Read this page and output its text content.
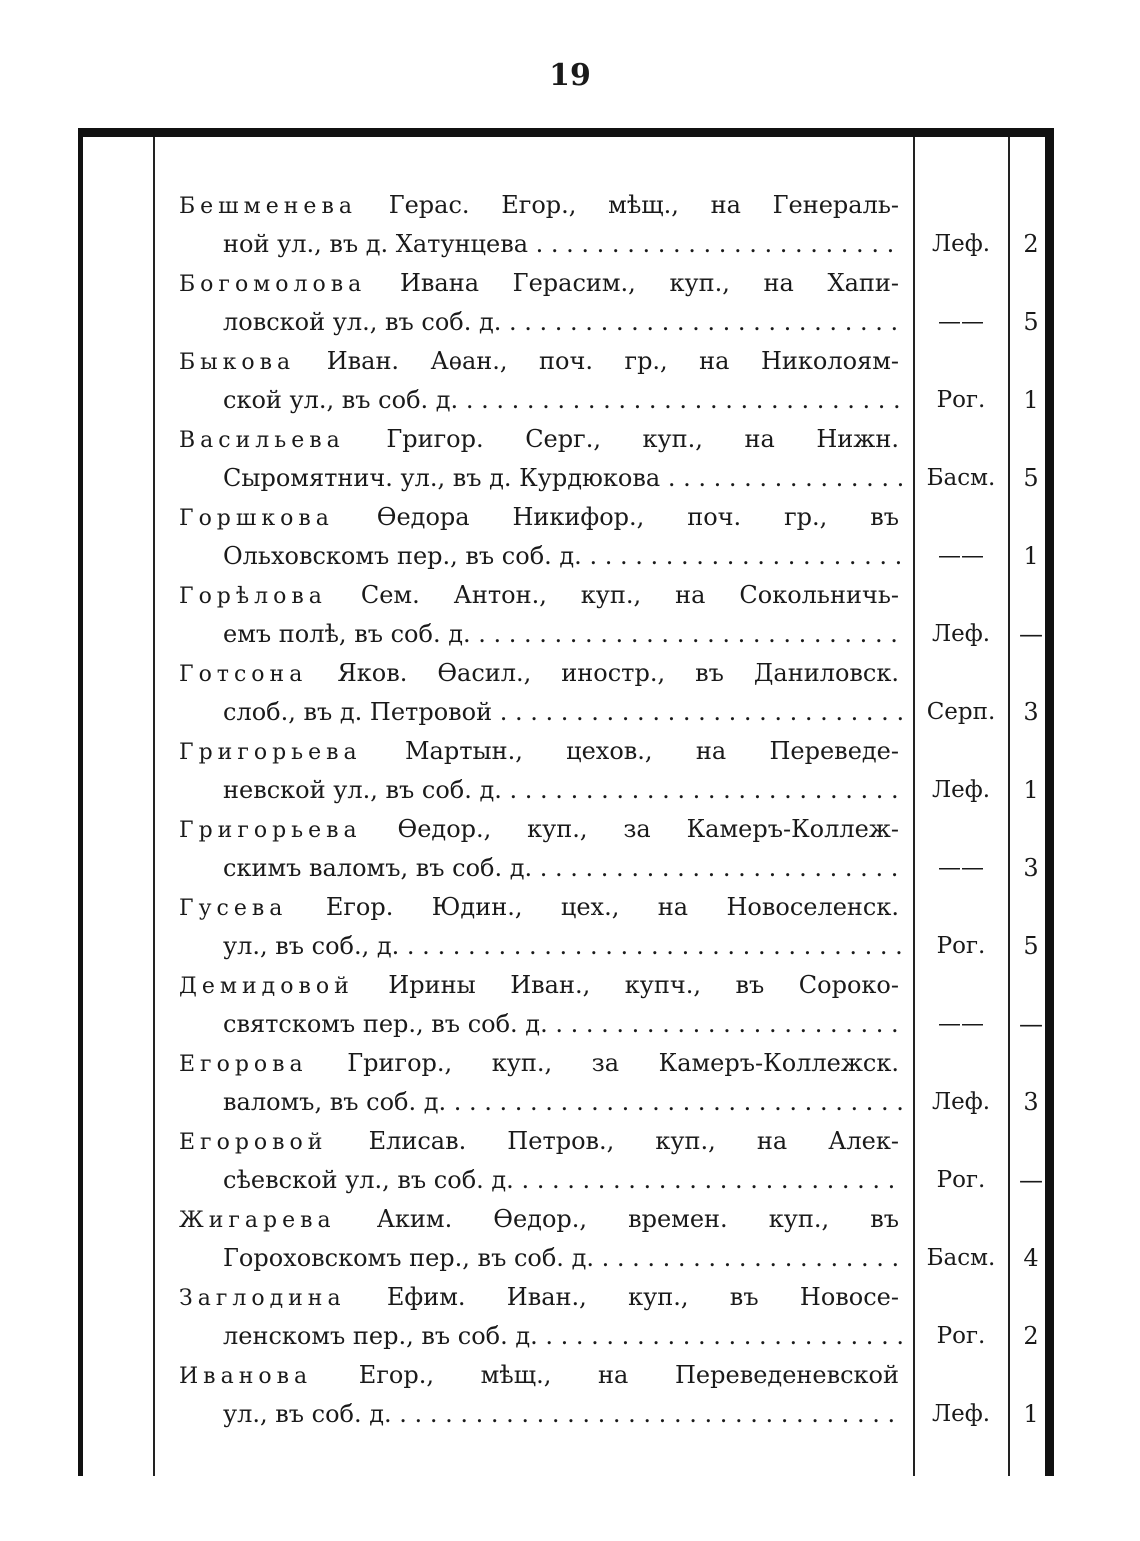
19
Бешменева Герас. Егор., мѣщ., на Генераль-
ной ул., въ д. Хатунцева . . .	Леф.	2
Богомолова Ивана Герасим., куп., на Хапи-
ловской ул., въ соб. д. . . .	——	5
Быкова Иван. Аѳан., поч. гр., на Николоям-
ской ул., въ соб. д. . . .	Рог.	1
Васильева Григор. Серг., куп., на Нижн.
Сыромятнич. ул., въ д. Курдюкова . . .	Басм.	5
Горшкова Ѳедора Никифор., поч. гр., въ
Ольховскомъ пер., въ соб. д. . . .	——	1
Горѣлова Сем. Антон., куп., на Сокольничь-
емъ полѣ, въ соб. д. . . .	Леф.	—
Готсона Яков. Ѳасил., иностр., въ Даниловск.
слоб., въ д. Петровой . . .	Серп.	3
Григорьева Мартын., цехов., на Переведе-
невской ул., въ соб. д. . . .	Леф.	1
Григорьева Ѳедор., куп., за Камеръ-Коллеж-
скимъ валомъ, въ соб. д. . . .	——	3
Гусева Егор. Юдин., цех., на Новоселенск.
ул., въ соб., д. . . .	Рог.	5
Демидовой Ирины Иван., купч., въ Сороко-
святскомъ пер., въ соб. д. . . .	——	—
Егорова Григор., куп., за Камеръ-Коллежск.
валомъ, въ соб. д. . . .	Леф.	3
Егоровой Елисав. Петров., куп., на Алек-
сѣевской ул., въ соб. д. . . .	Рог.	—
Жигарева Аким. Ѳедор., времен. куп., въ
Гороховскомъ пер., въ соб. д. . . .	Басм.	4
Заглодина Ефим. Иван., куп., въ Новосе-
ленскомъ пер., въ соб. д. . . .	Рог.	2
Иванова Егор., мѣщ., на Переведеневской
ул., въ соб. д. . . .	Леф.	1
